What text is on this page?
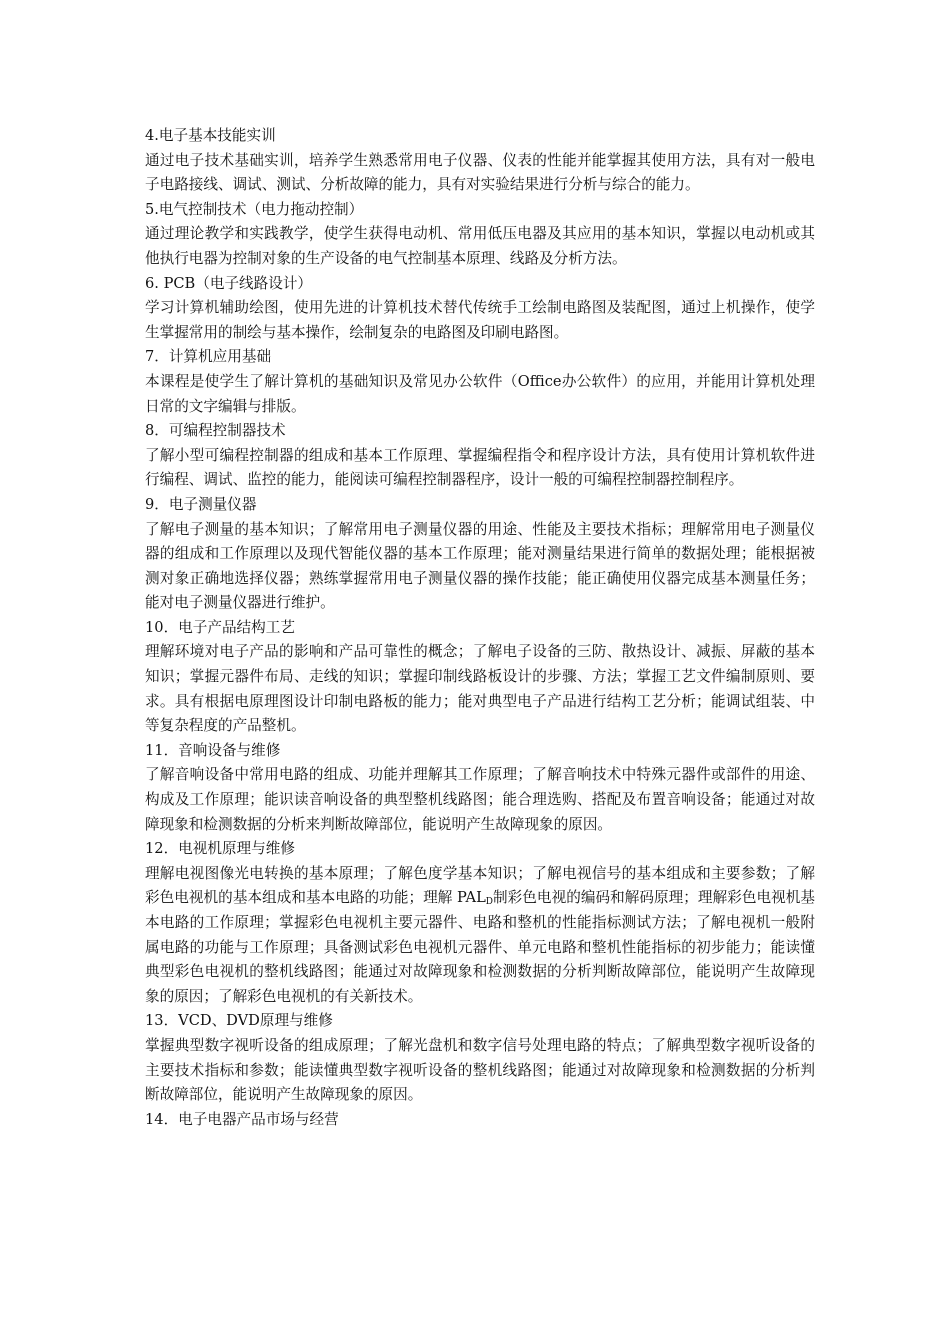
4.电子基本技能实训

通过电子技术基础实训，培养学生熟悉常用电子仪器、仪表的性能并能掌握其使用方法，具有对一般电子电路接线、调试、测试、分析故障的能力，具有对实验结果进行分析与综合的能力。

5.电气控制技术（电力拖动控制）

通过理论教学和实践教学，使学生获得电动机、常用低压电器及其应用的基本知识，掌握以电动机或其他执行电器为控制对象的生产设备的电气控制基本原理、线路及分析方法。

6. PCB（电子线路设计）

学习计算机辅助绘图，使用先进的计算机技术替代传统手工绘制电路图及装配图，通过上机操作，使学生掌握常用的制绘与基本操作，绘制复杂的电路图及印刷电路图。

7．计算机应用基础

本课程是使学生了解计算机的基础知识及常见办公软件（Office办公软件）的应用，并能用计算机处理日常的文字编辑与排版。

8．可编程控制器技术

了解小型可编程控制器的组成和基本工作原理、掌握编程指令和程序设计方法，具有使用计算机软件进行编程、调试、监控的能力，能阅读可编程控制器程序，设计一般的可编程控制器控制程序。

9．电子测量仪器

了解电子测量的基本知识；了解常用电子测量仪器的用途、性能及主要技术指标；理解常用电子测量仪器的组成和工作原理以及现代智能仪器的基本工作原理；能对测量结果进行简单的数据处理；能根据被测对象正确地选择仪器；熟练掌握常用电子测量仪器的操作技能；能正确使用仪器完成基本测量任务；能对电子测量仪器进行维护。

10．电子产品结构工艺

理解环境对电子产品的影响和产品可靠性的概念；了解电子设备的三防、散热设计、减振、屏蔽的基本知识；掌握元器件布局、走线的知识；掌握印制线路板设计的步骤、方法；掌握工艺文件编制原则、要求。具有根据电原理图设计印制电路板的能力；能对典型电子产品进行结构工艺分析；能调试组装、中等复杂程度的产品整机。

11．音响设备与维修

了解音响设备中常用电路的组成、功能并理解其工作原理；了解音响技术中特殊元器件或部件的用途、构成及工作原理；能识读音响设备的典型整机线路图；能合理选购、搭配及布置音响设备；能通过对故障现象和检测数据的分析来判断故障部位，能说明产生故障现象的原因。

12．电视机原理与维修

理解电视图像光电转换的基本原理；了解色度学基本知识；了解电视信号的基本组成和主要参数；了解彩色电视机的基本组成和基本电路的功能；理解 $PAL_D$制彩色电视的编码和解码原理；理解彩色电视机基本电路的工作原理；掌握彩色电视机主要元器件、电路和整机的性能指标测试方法；了解电视机一般附属电路的功能与工作原理；具备测试彩色电视机元器件、单元电路和整机性能指标的初步能力；能读懂典型彩色电视机的整机线路图；能通过对故障现象和检测数据的分析判断故障部位，能说明产生故障现象的原因；了解彩色电视机的有关新技术。

13．VCD、DVD原理与维修

掌握典型数字视听设备的组成原理；了解光盘机和数字信号处理电路的特点；了解典型数字视听设备的主要技术指标和参数；能读懂典型数字视听设备的整机线路图；能通过对故障现象和检测数据的分析判断故障部位，能说明产生故障现象的原因。

14．电子电器产品市场与经营
